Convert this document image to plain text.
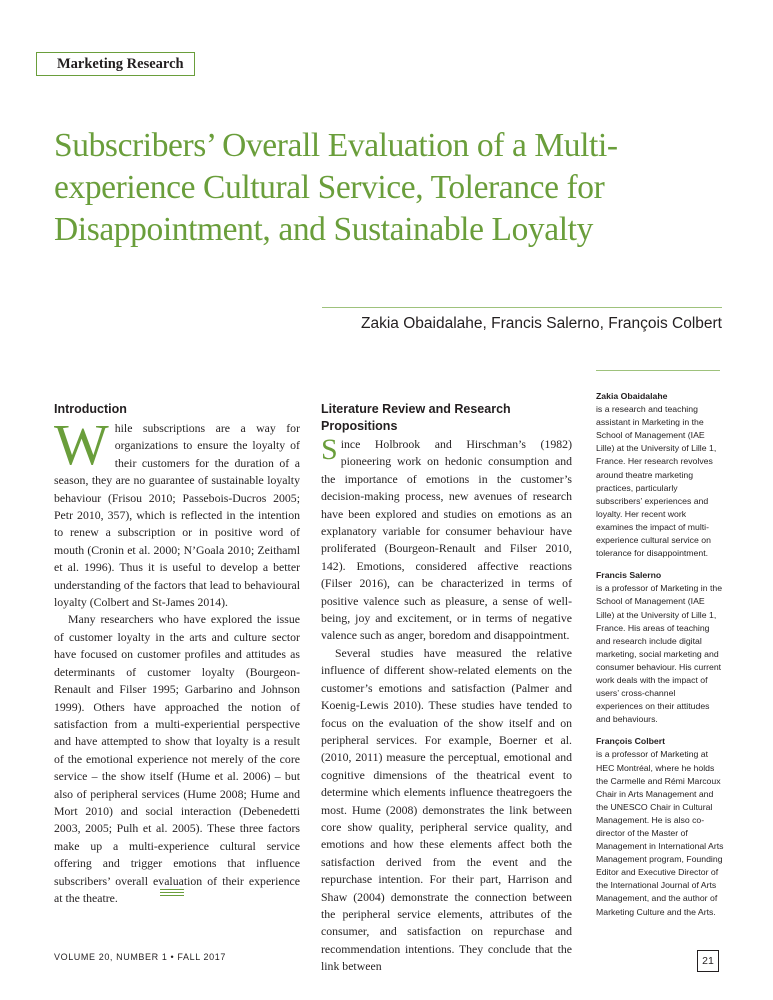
Marketing Research
Subscribers’ Overall Evaluation of a Multi-experience Cultural Service, Tolerance for Disappointment, and Sustainable Loyalty
Zakia Obaidalahe, Francis Salerno, François Colbert
Introduction

While subscriptions are a way for organizations to ensure the loyalty of their customers for the duration of a season, they are no guarantee of sustainable loyalty behaviour (Frisou 2010; Passebois-Ducros 2005; Petr 2010, 357), which is reflected in the intention to renew a subscription or in positive word of mouth (Cronin et al. 2000; N’Goala 2010; Zeithaml et al. 1996). Thus it is useful to develop a better understanding of the factors that lead to behavioural loyalty (Colbert and St-James 2014).

Many researchers who have explored the issue of customer loyalty in the arts and culture sector have focused on customer profiles and attitudes as determinants of customer loyalty (Bourgeon-Renault and Filser 1995; Garbarino and Johnson 1999). Others have approached the notion of satisfaction from a multi-experiential perspective and have attempted to show that loyalty is a result of the emotional experience not merely of the core service – the show itself (Hume et al. 2006) – but also of peripheral services (Hume 2008; Hume and Mort 2010) and social interaction (Debenedetti 2003, 2005; Pulh et al. 2005). These three factors make up a multi-experience cultural service offering and trigger emotions that influence subscribers’ overall evaluation of their experience at the theatre.

Literature Review and Research Propositions

Since Holbrook and Hirschman’s (1982) pioneering work on hedonic consumption and the importance of emotions in the customer’s decision-making process, new avenues of research have been explored and studies on emotions as an explanatory variable for consumer behaviour have proliferated (Bourgeon-Renault and Filser 2010, 142). Emotions, considered affective reactions (Filser 2016), can be characterized in terms of positive valence such as pleasure, a sense of well-being, joy and excitement, or in terms of negative valence such as anger, boredom and disappointment.

Several studies have measured the relative influence of different show-related elements on the customer’s emotions and satisfaction (Palmer and Koenig-Lewis 2010). These studies have tended to focus on the evaluation of the show itself and on peripheral services. For example, Boerner et al. (2010, 2011) measure the perceptual, emotional and cognitive dimensions of the theatrical event to determine which elements influence theatregoers the most. Hume (2008) demonstrates the link between core show quality, peripheral service quality, and emotions and how these elements affect both the satisfaction derived from the event and the repurchase intention. For their part, Harrison and Shaw (2004) demonstrate the connection between the peripheral service elements, attributes of the consumer, and satisfaction on repurchase and recommendation intentions. They conclude that the link between

Zakia Obaidalahe
is a research and teaching assistant in Marketing in the School of Management (IAE Lille) at the University of Lille 1, France. Her research revolves around theatre marketing practices, particularly subscribers’ experiences and loyalty. Her recent work examines the impact of multi-experience cultural service on tolerance for disappointment.

Francis Salerno
is a professor of Marketing in the School of Management (IAE Lille) at the University of Lille 1, France. His areas of teaching and research include digital marketing, social marketing and consumer behaviour. His current work deals with the impact of users’ cross-channel experiences on their attitudes and behaviours.

François Colbert
is a professor of Marketing at HEC Montréal, where he holds the Carmelle and Rémi Marcoux Chair in Arts Management and the UNESCO Chair in Cultural Management. He is also co-director of the Master of Management in International Arts Management program, Founding Editor and Executive Director of the International Journal of Arts Management, and the author of Marketing Culture and the Arts.

VOLUME 20, NUMBER 1 • FALL 2017	21
